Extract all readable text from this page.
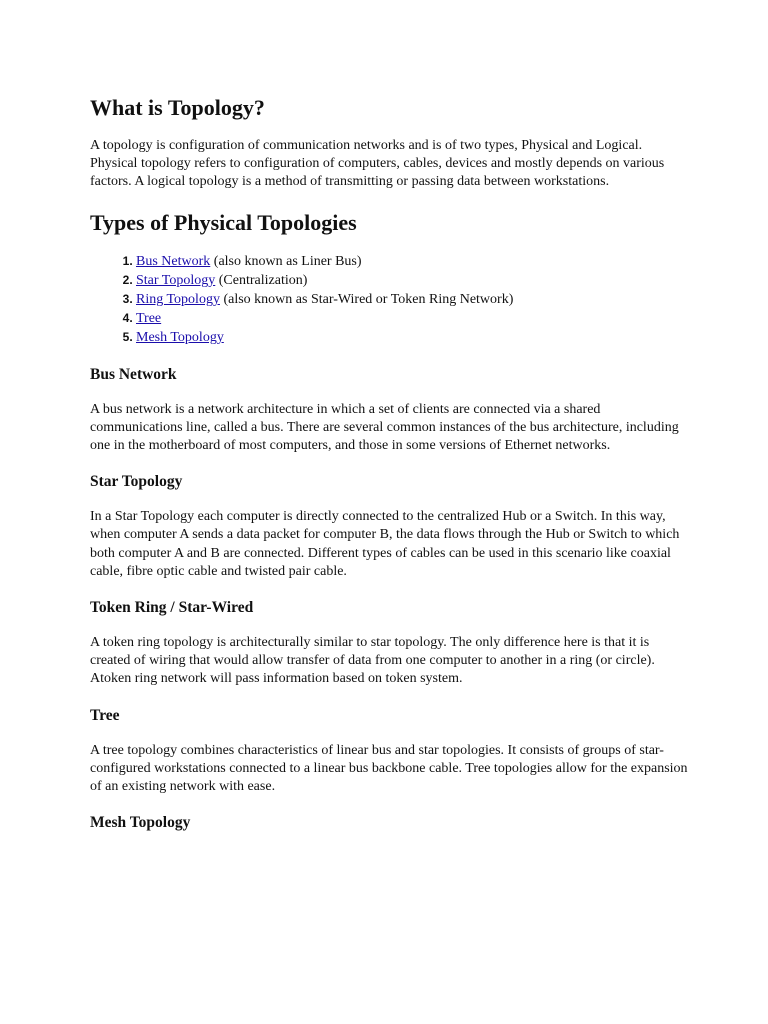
What is Topology?

A topology is configuration of communication networks and is of two types, Physical and Logical. Physical topology refers to configuration of computers, cables, devices and mostly depends on various factors. A logical topology is a method of transmitting or passing data between workstations.

Types of Physical Topologies
1. Bus Network (also known as Liner Bus)
2. Star Topology (Centralization)
3. Ring Topology (also known as Star-Wired or Token Ring Network)
4. Tree
5. Mesh Topology
Bus Network

A bus network is a network architecture in which a set of clients are connected via a shared communications line, called a bus. There are several common instances of the bus architecture, including one in the motherboard of most computers, and those in some versions of Ethernet networks.

Star Topology

In a Star Topology each computer is directly connected to the centralized Hub or a Switch. In this way, when computer A sends a data packet for computer B, the data flows through the Hub or Switch to which both computer A and B are connected. Different types of cables can be used in this scenario like coaxial cable, fibre optic cable and twisted pair cable.

Token Ring / Star-Wired

A token ring topology is architecturally similar to star topology. The only difference here is that it is created of wiring that would allow transfer of data from one computer to another in a ring (or circle). Atoken ring network will pass information based on token system.

Tree

A tree topology combines characteristics of linear bus and star topologies. It consists of groups of star-configured workstations connected to a linear bus backbone cable. Tree topologies allow for the expansion of an existing network with ease.

Mesh Topology
